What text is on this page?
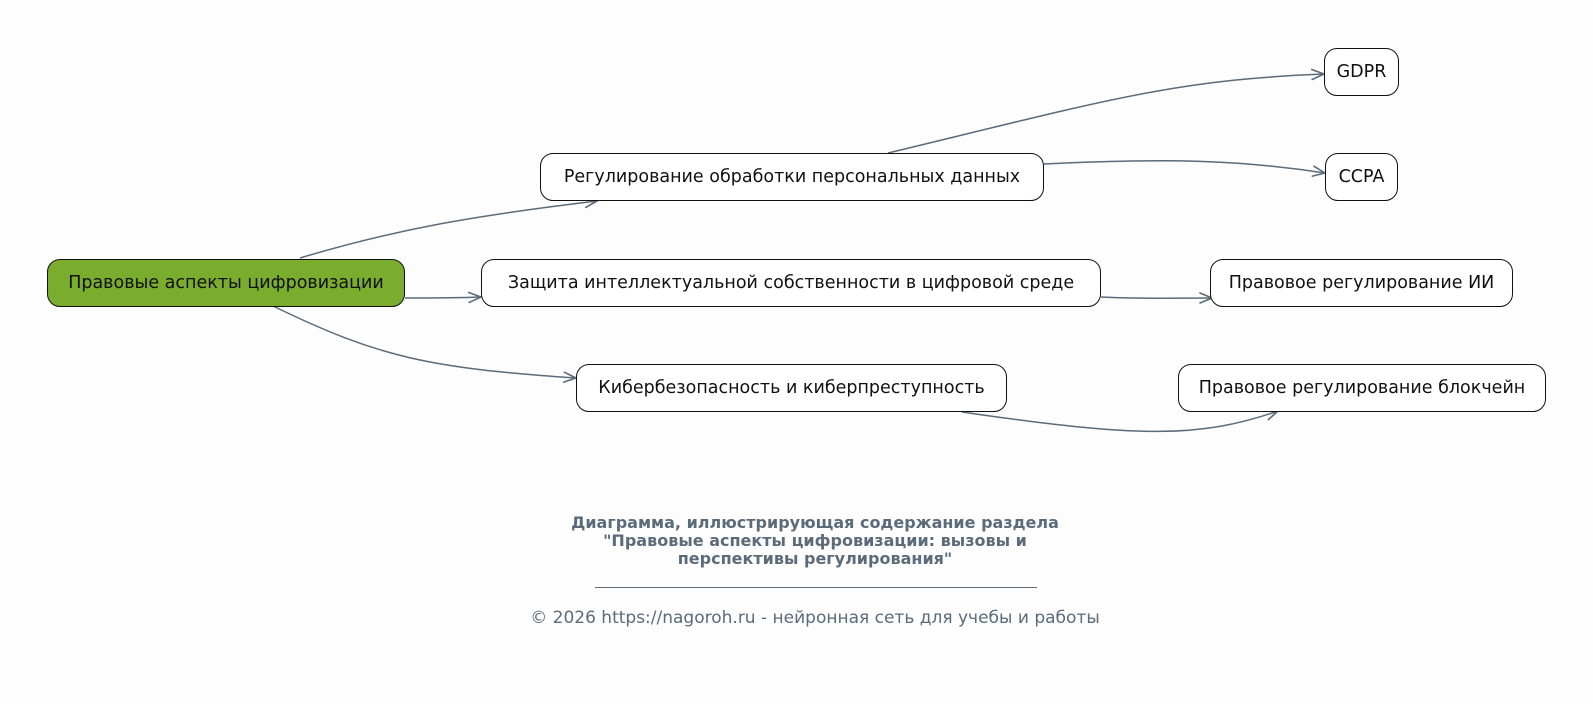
Правовые аспекты цифровизации
Регулирование обработки персональных данных
Защита интеллектуальной собственности в цифровой среде
Кибербезопасность и киберпреступность
GDPR
CCPA
Правовое регулирование ИИ
Правовое регулирование блокчейн
Диаграмма, иллюстрирующая содержание раздела
"Правовые аспекты цифровизации: вызовы и
перспективы регулирования"
© 2026 https://nagoroh.ru - нейронная сеть для учебы и работы
